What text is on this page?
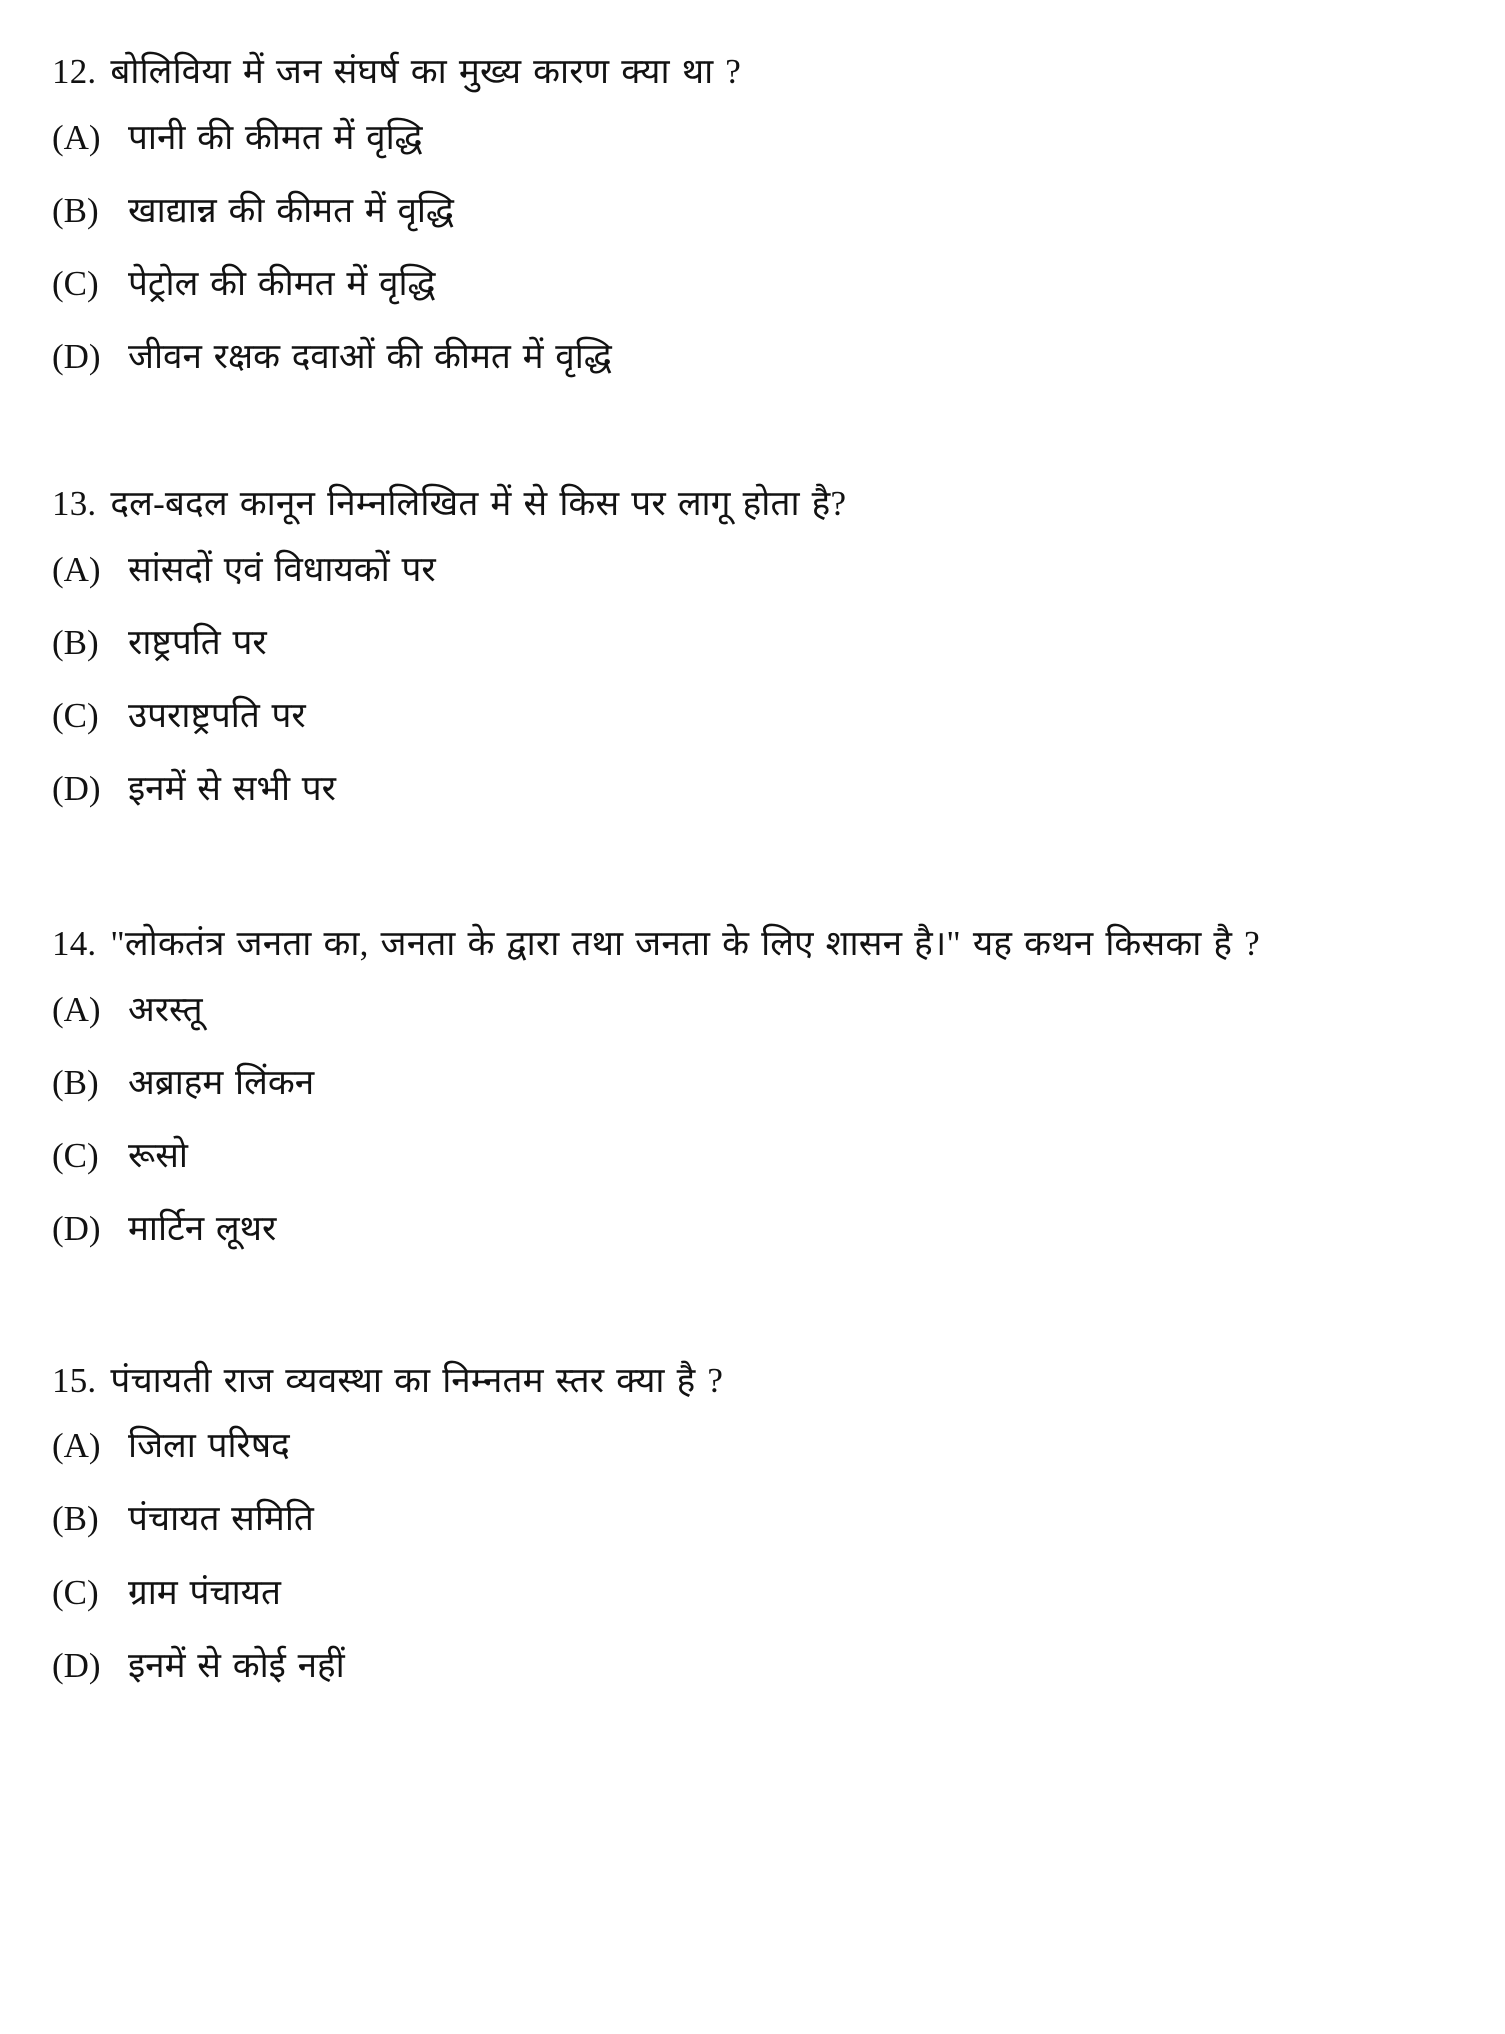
12. बोलिविया में जन संघर्ष का मुख्य कारण क्या था ?
(A) पानी की कीमत में वृद्धि
(B) खाद्यान्न की कीमत में वृद्धि
(C) पेट्रोल की कीमत में वृद्धि
(D) जीवन रक्षक दवाओं की कीमत में वृद्धि
13. दल-बदल कानून निम्नलिखित में से किस पर लागू होता है?
(A) सांसदों एवं विधायकों पर
(B) राष्ट्रपति पर
(C) उपराष्ट्रपति पर
(D) इनमें से सभी पर
14. "लोकतंत्र जनता का, जनता के द्वारा तथा जनता के लिए शासन है।" यह कथन किसका है ?
(A) अरस्तू
(B) अब्राहम लिंकन
(C) रूसो
(D) मार्टिन लूथर
15. पंचायती राज व्यवस्था का निम्नतम स्तर क्या है ?
(A) जिला परिषद
(B) पंचायत समिति
(C) ग्राम पंचायत
(D) इनमें से कोई नहीं
